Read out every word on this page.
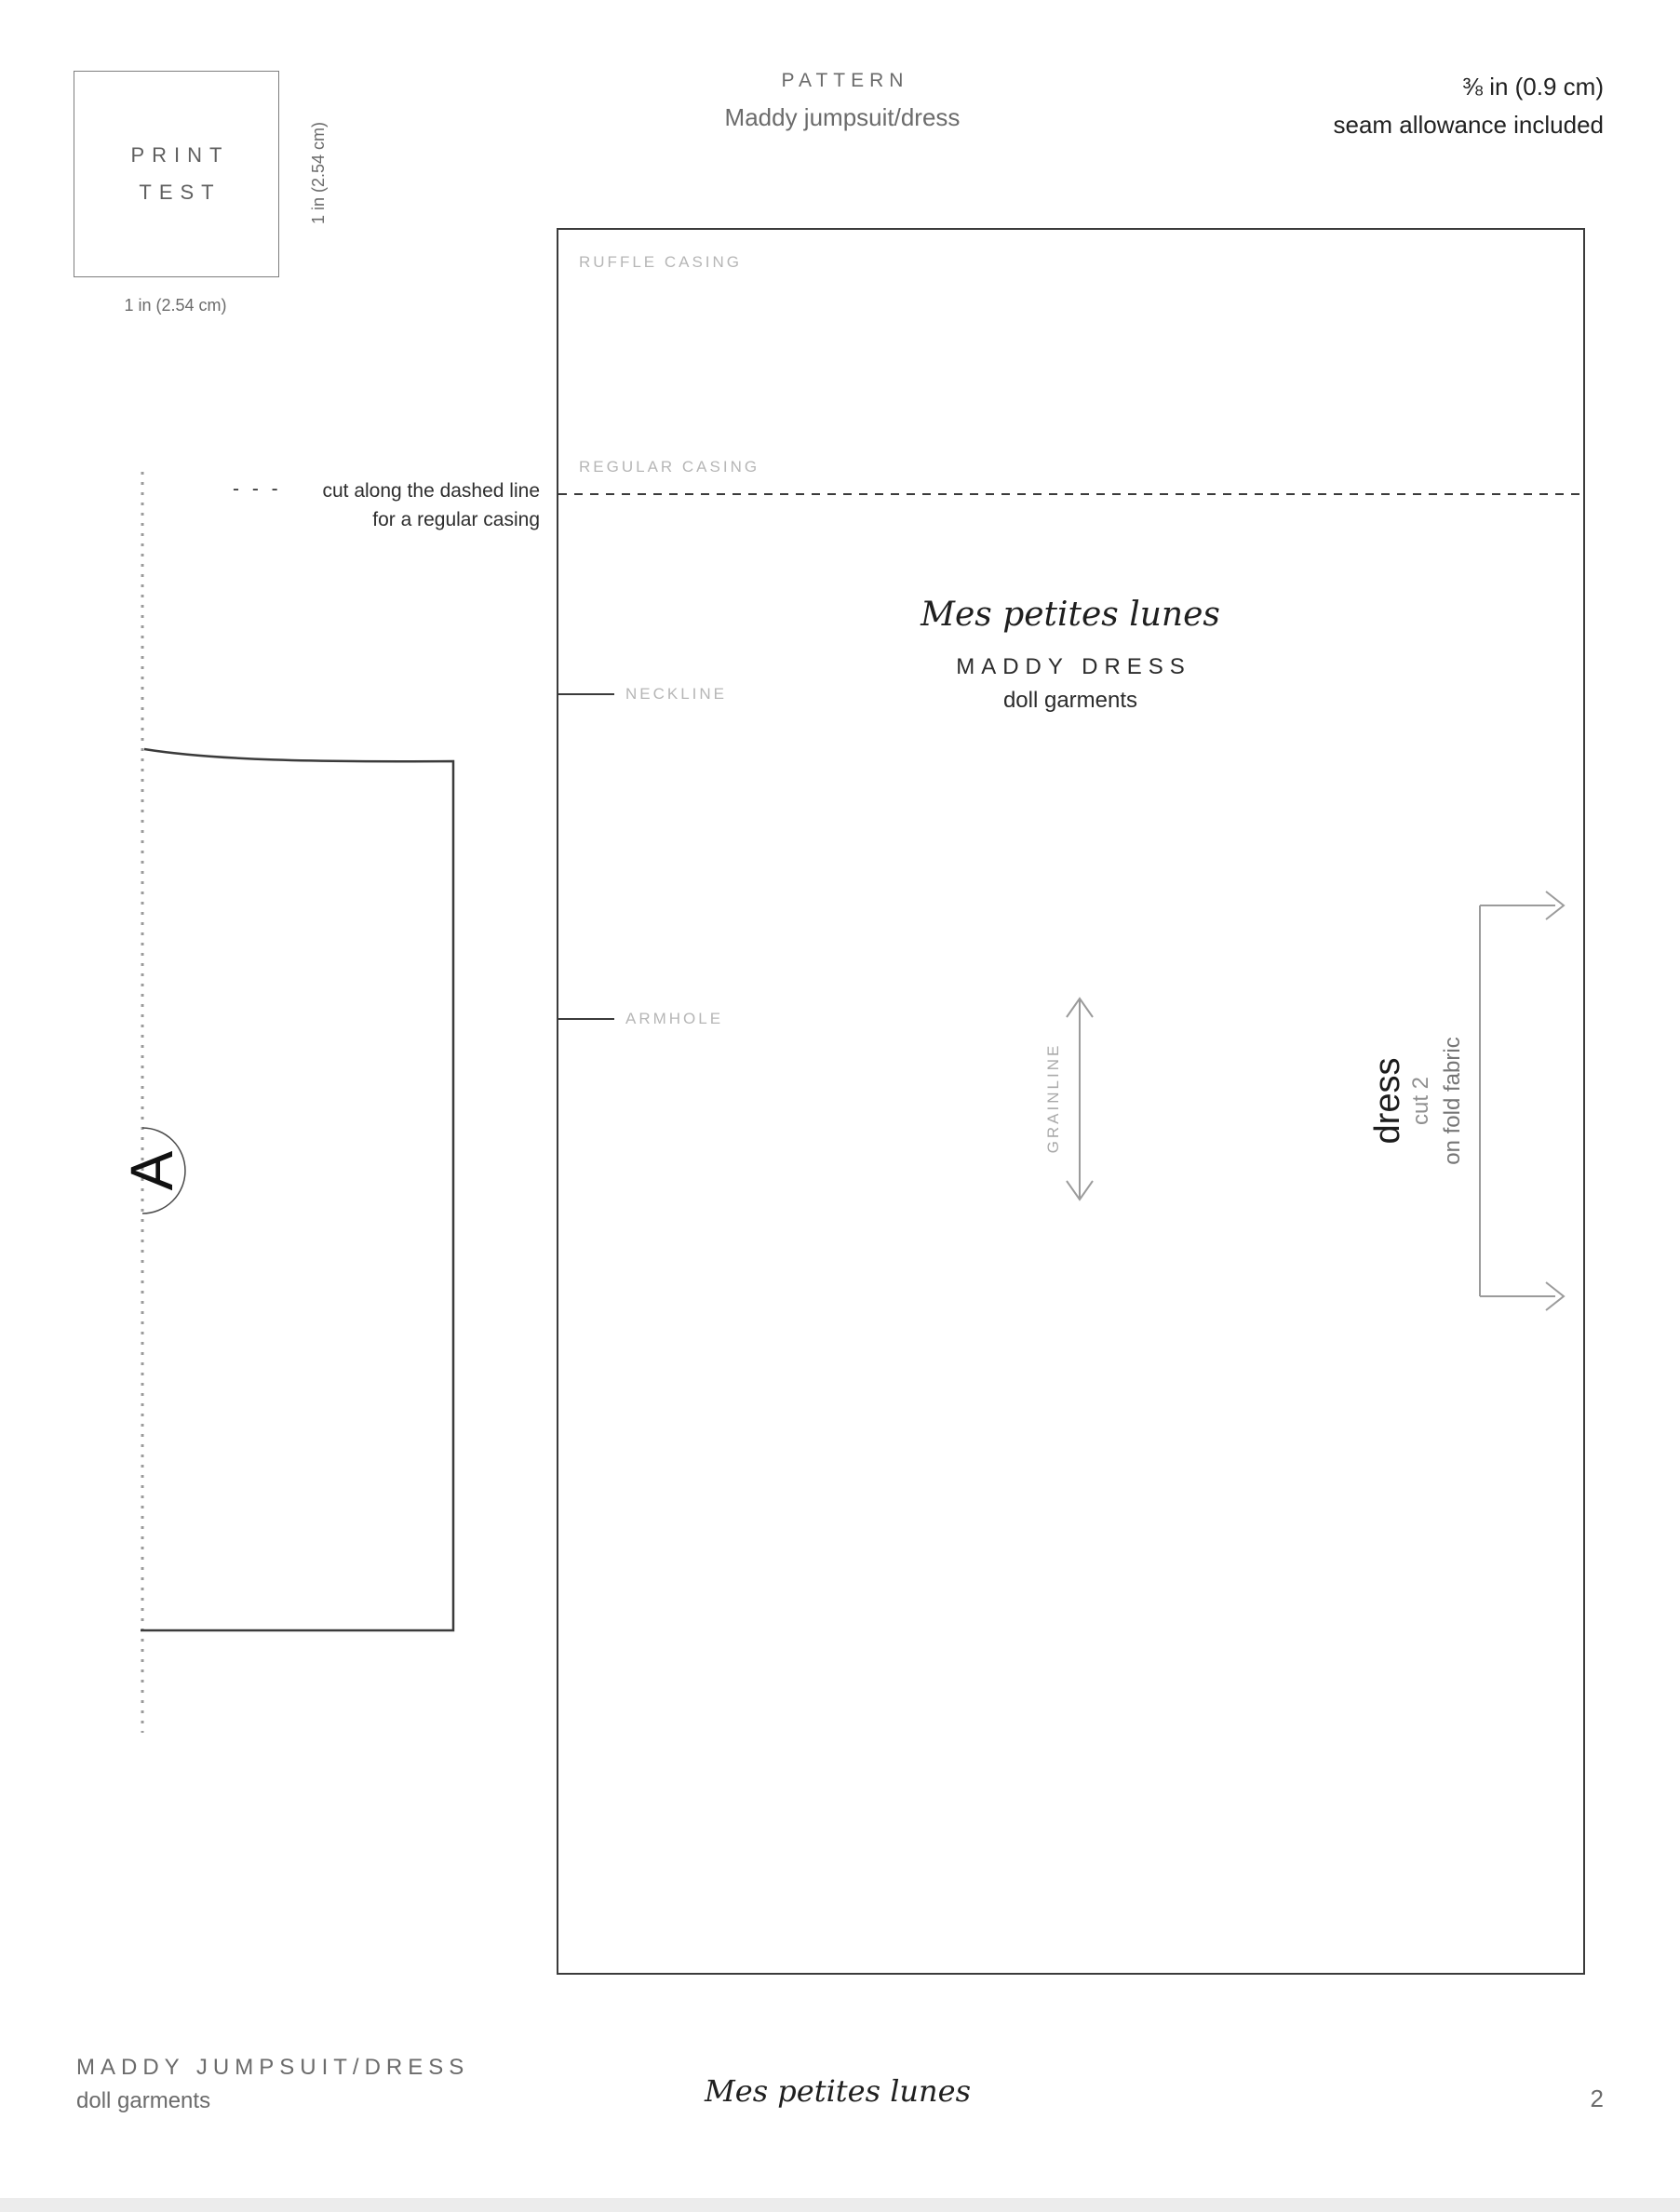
PRINT
TEST	1 in (2.54 cm)
1 in (2.54 cm)
PATTERN
Maddy jumpsuit/dress
⅜ in (0.9 cm)
seam allowance included
- - -	cut along the dashed line
for a regular casing
RUFFLE CASING
REGULAR CASING
NECKLINE
ARMHOLE
Mes petites lunes
MADDY DRESS
doll garments
GRAINLINE	dress cut 2 on fold fabric
A
MADDY JUMPSUIT/DRESS
doll garments	Mes petites lunes	2
